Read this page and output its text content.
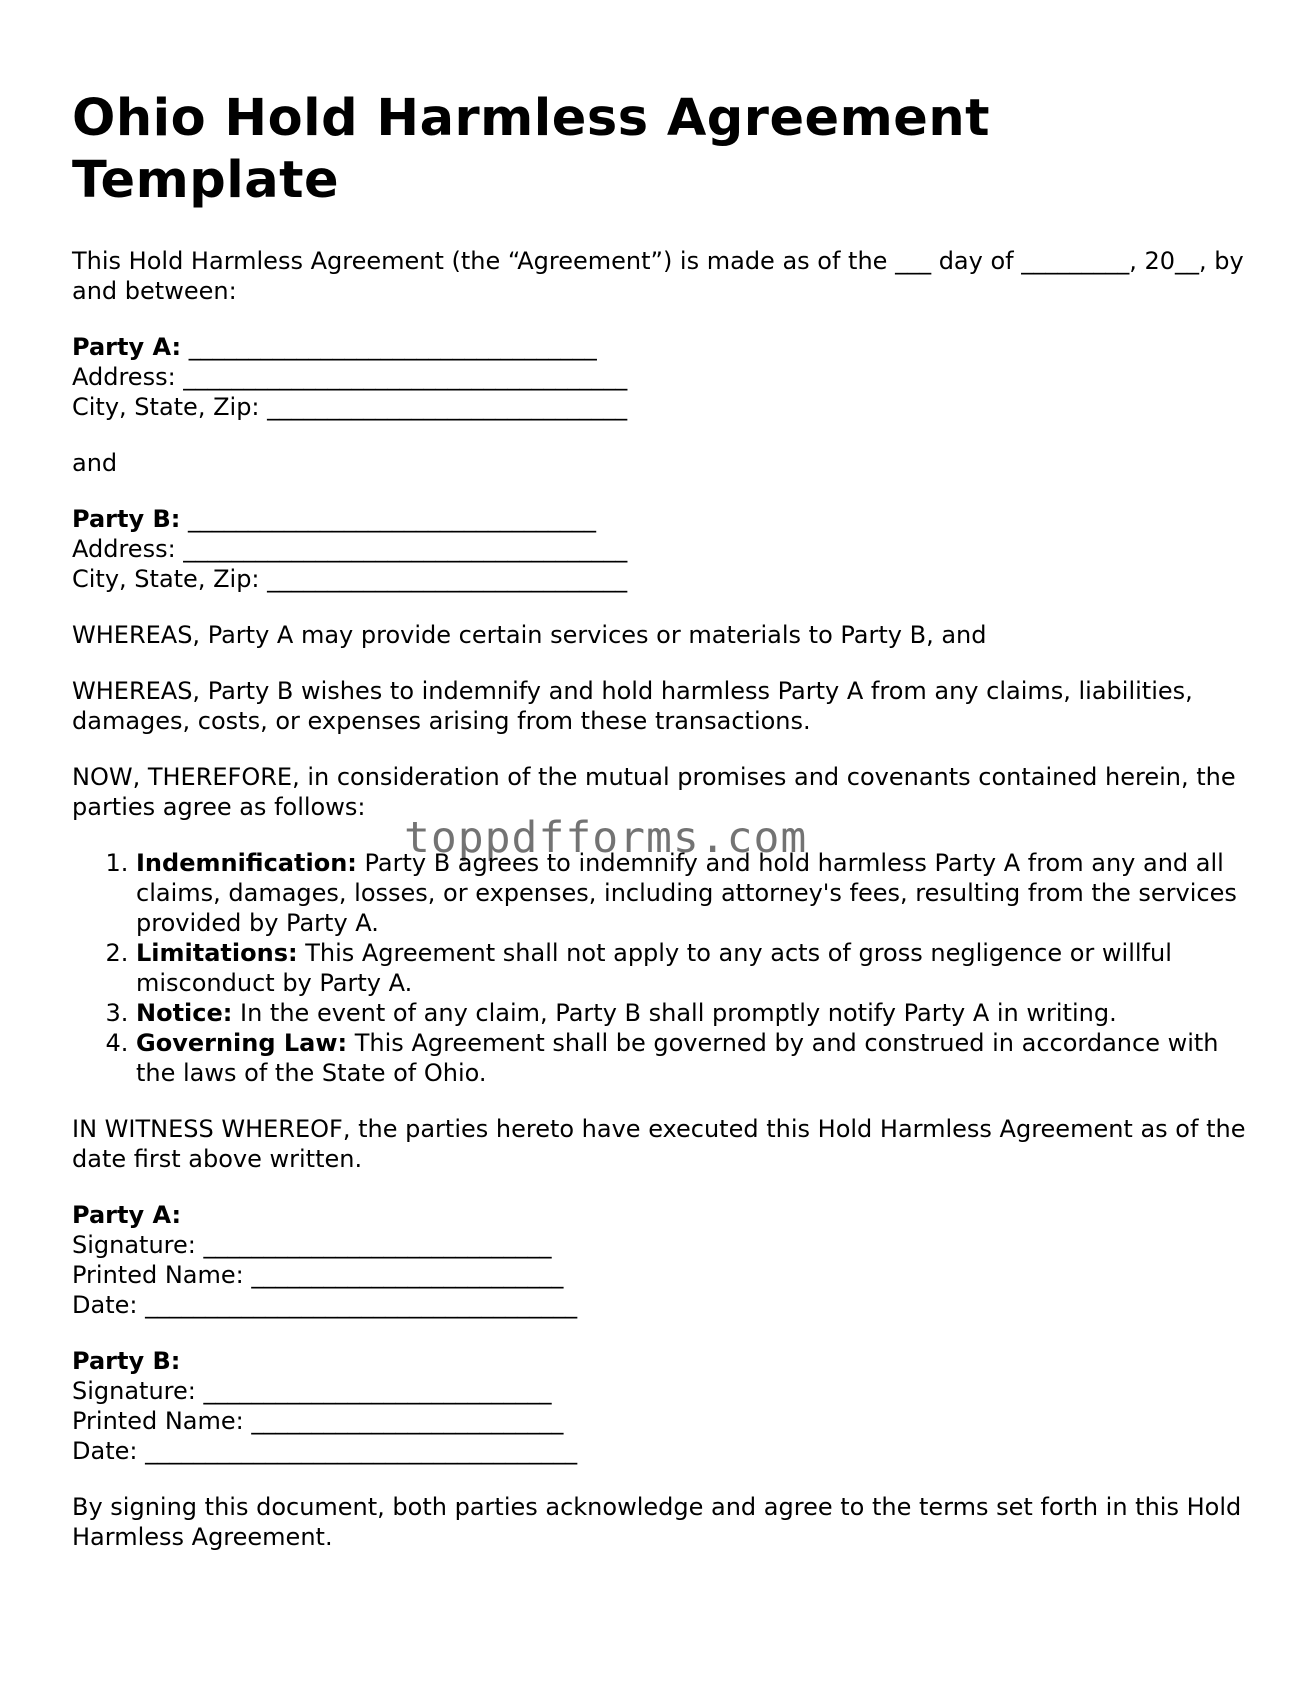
Ohio Hold Harmless Agreement Template

This Hold Harmless Agreement (the “Agreement”) is made as of the ___ day of _________, 20__, by and between:

Party A: __________________________________
Address: _____________________________________
City, State, Zip: ______________________________

and

Party B: __________________________________
Address: _____________________________________
City, State, Zip: ______________________________

WHEREAS, Party A may provide certain services or materials to Party B, and

WHEREAS, Party B wishes to indemnify and hold harmless Party A from any claims, liabilities, damages, costs, or expenses arising from these transactions.

NOW, THEREFORE, in consideration of the mutual promises and covenants contained herein, the parties agree as follows:

1. Indemnification: Party B agrees to indemnify and hold harmless Party A from any and all claims, damages, losses, or expenses, including attorney's fees, resulting from the services provided by Party A.
2. Limitations: This Agreement shall not apply to any acts of gross negligence or willful misconduct by Party A.
3. Notice: In the event of any claim, Party B shall promptly notify Party A in writing.
4. Governing Law: This Agreement shall be governed by and construed in accordance with the laws of the State of Ohio.

IN WITNESS WHEREOF, the parties hereto have executed this Hold Harmless Agreement as of the date first above written.

Party A:
Signature: _____________________________
Printed Name: __________________________
Date: ____________________________________
Party B:
Signature: _____________________________
Printed Name: __________________________
Date: ____________________________________

By signing this document, both parties acknowledge and agree to the terms set forth in this Hold Harmless Agreement.

toppdfforms.com
